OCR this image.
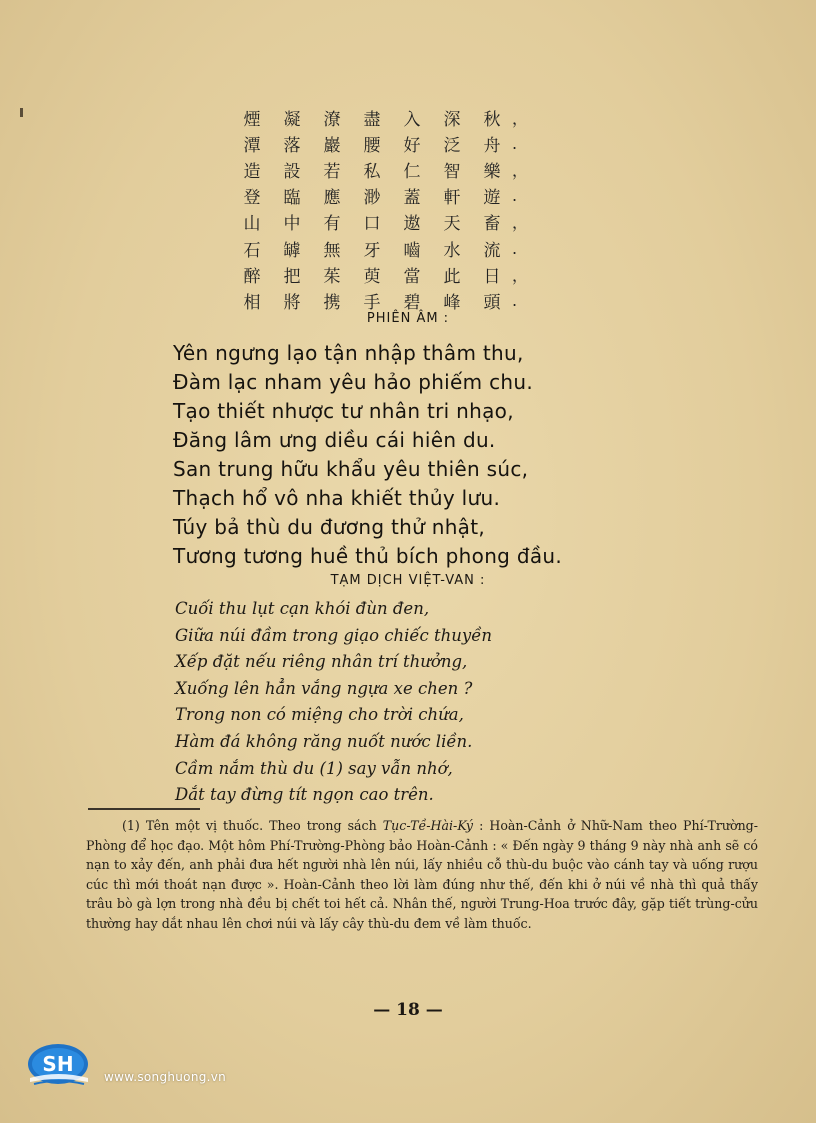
煙	凝	潦	盡	入	深	秋 ，
潭	落	巖	腰	好	泛	舟 .
造	設	若	私	仁	智	樂 ，
登	臨	應	渺	蓋	軒	遊 .
山	中	有	口	遨	天	畜 ，
石	罅	無	牙	嚙	水	流 .
醉	把	茱	萸	當	此	日 ，
相	將	携	手	碧	峰	頭 .
PHIÊN ÂM :
Yên ngưng lạo tận nhập thâm thu,
Đàm lạc nham yêu hảo phiếm chu.
Tạo thiết nhược tư nhân tri nhạo,
Đăng lâm ưng diều cái hiên du.
San trung hữu khẩu yêu thiên súc,
Thạch hổ vô nha khiết thủy lưu.
Túy bả thù du đương thử nhật,
Tương tương huề thủ bích phong đầu.
TẠM DỊCH VIỆT-VAN :
Cuối thu lụt cạn khói đùn đen,
Giữa núi đầm trong giạo chiếc thuyền
Xếp đặt nếu riêng nhân trí thưởng,
Xuống lên hẳn vắng ngựa xe chen ?
Trong non có miệng cho trời chứa,
Hàm đá không răng nuốt nước liền.
Cầm nắm thù du (1) say vẫn nhớ,
Dắt tay đừng tít ngọn cao trên.
(1) Tên một vị thuốc. Theo trong sách Tục-Tề-Hài-Ký : Hoàn-Cảnh ở Nhữ-Nam theo Phí-Trường-Phòng để học đạo. Một hôm Phí-Trường-Phòng bảo Hoàn-Cảnh : « Đến ngày 9 tháng 9 này nhà anh sẽ có nạn to xảy đến, anh phải đưa hết người nhà lên núi, lấy nhiều cỗ thù-du buộc vào cánh tay và uống rượu cúc thì mới thoát nạn được ». Hoàn-Cảnh theo lời làm đúng như thế, đến khi ở núi về nhà thì quả thấy trâu bò gà lợn trong nhà đều bị chết toi hết cả. Nhân thế, người Trung-Hoa trước đây, gặp tiết trùng-cửu thường hay dắt nhau lên chơi núi và lấy cây thù-du đem về làm thuốc.
— 18 —
SH
www.songhuong.vn
